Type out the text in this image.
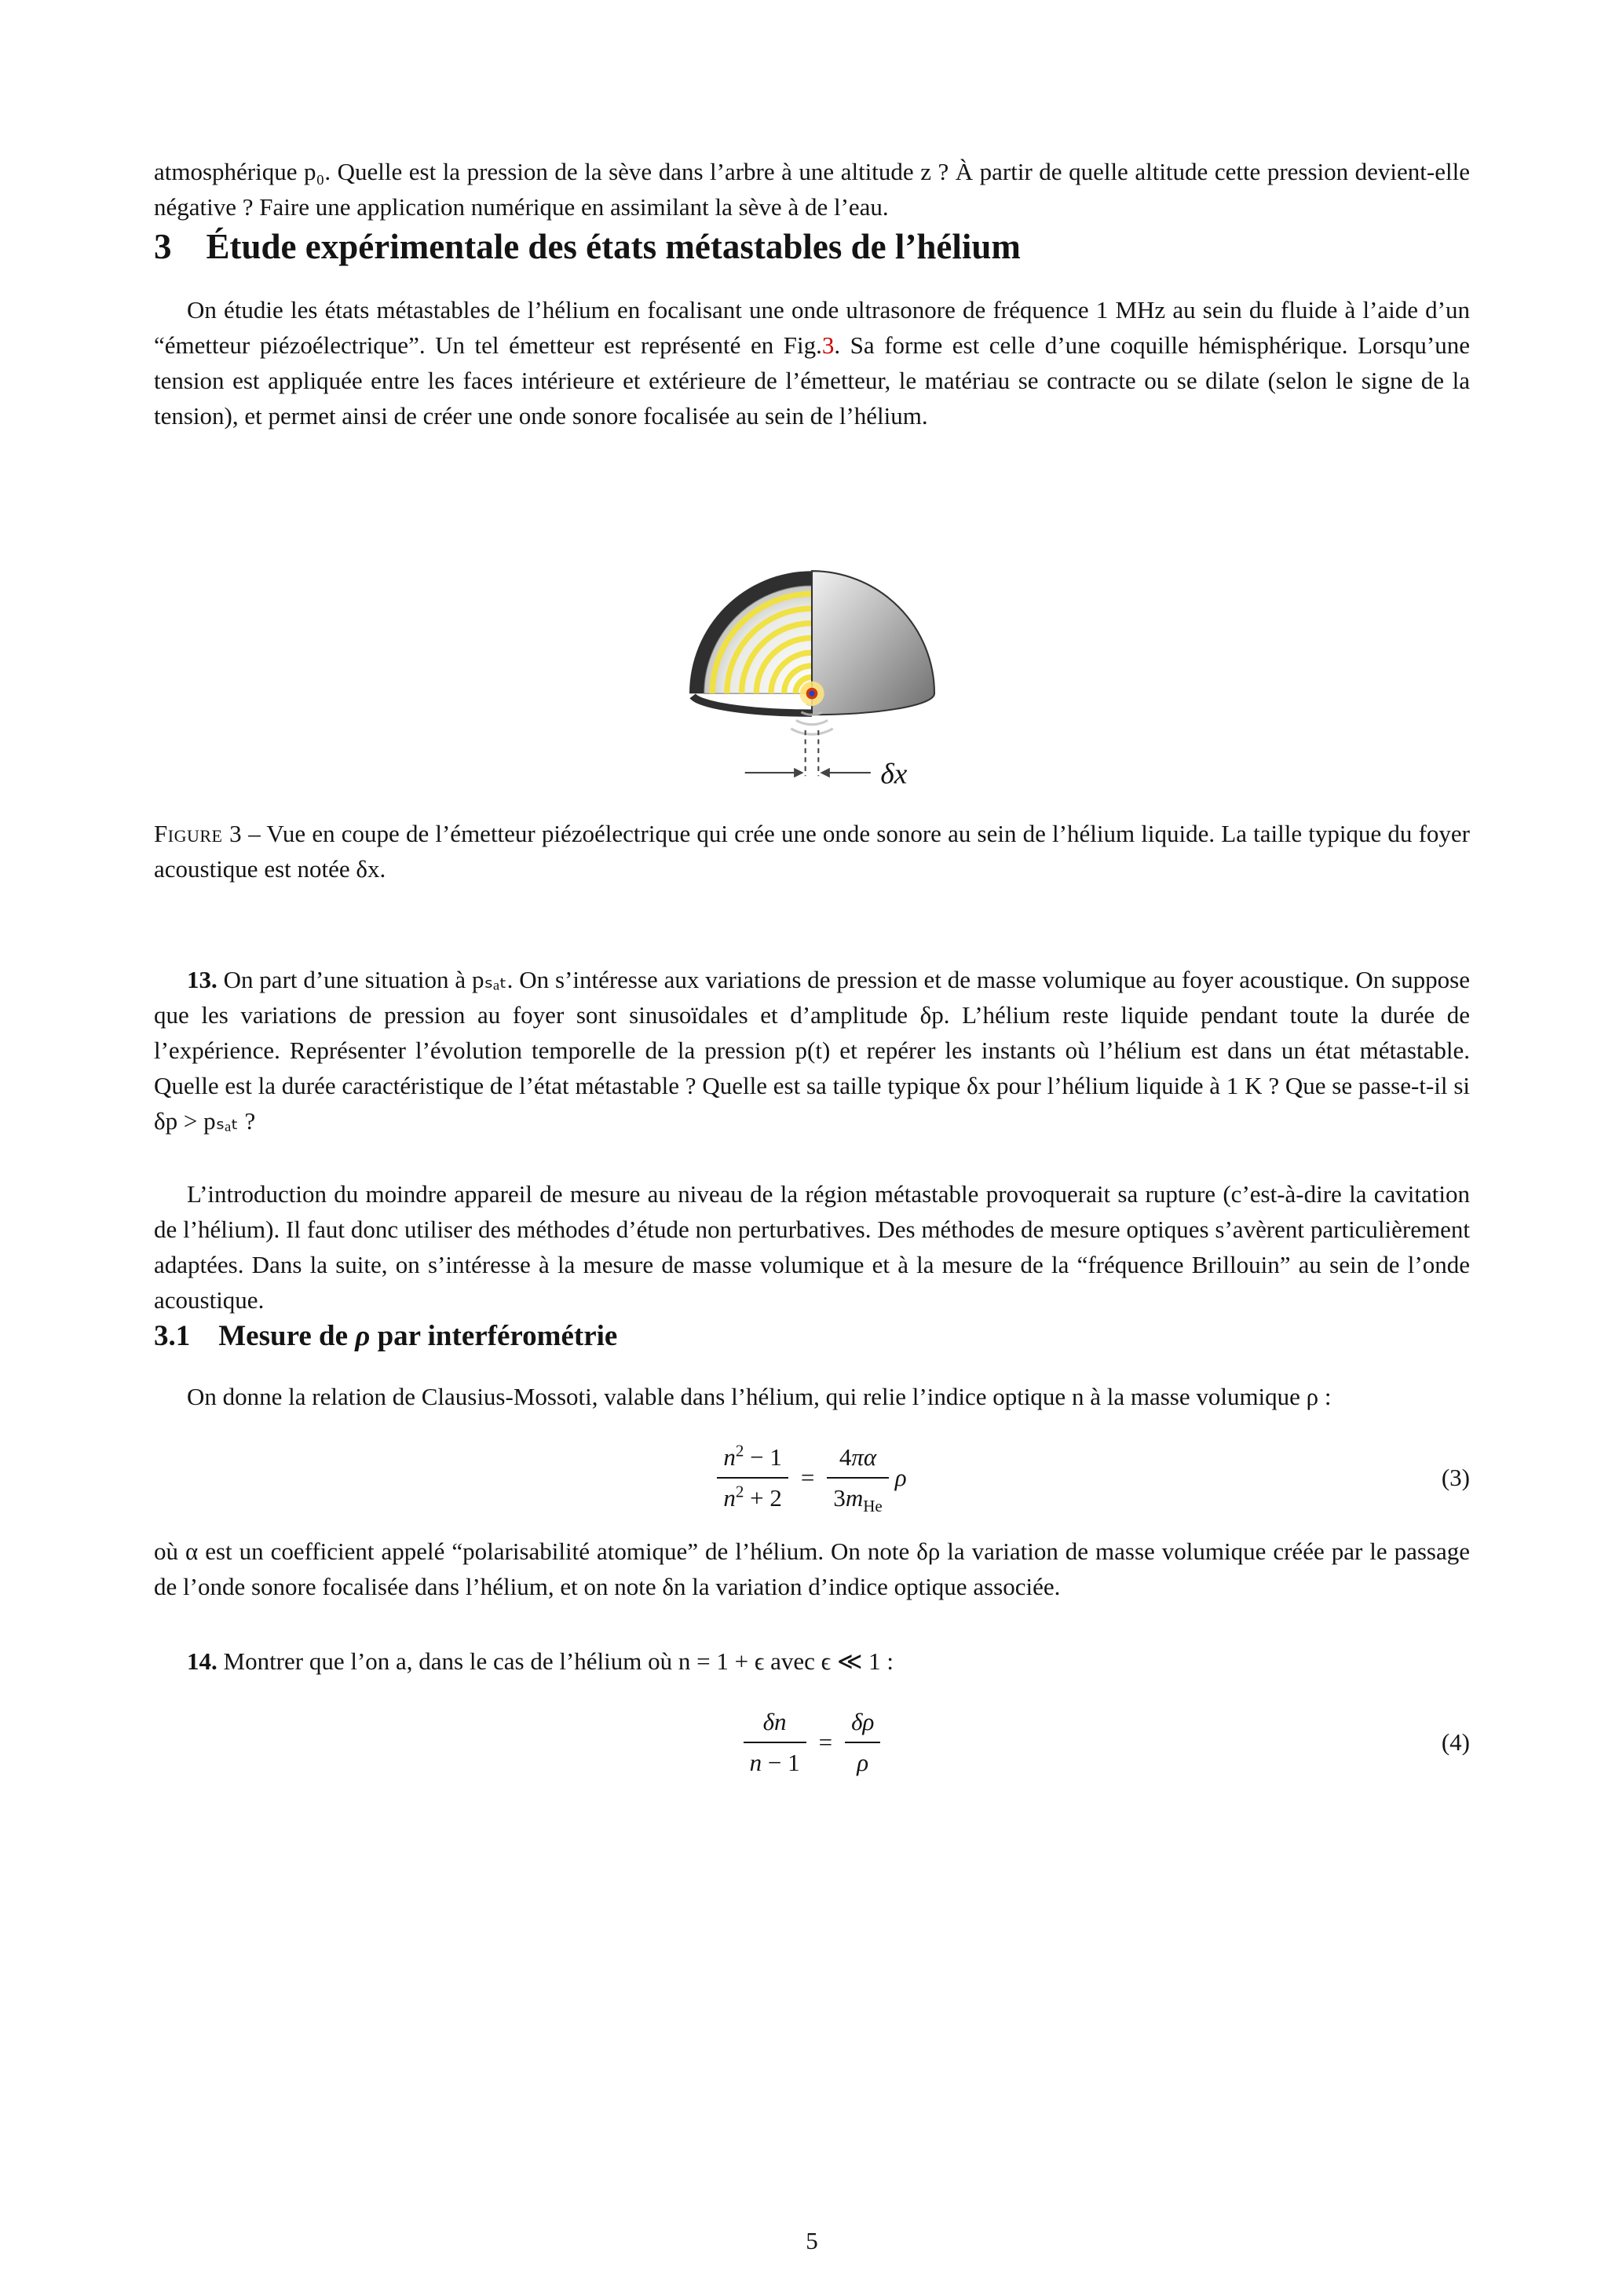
atmosphérique p₀. Quelle est la pression de la sève dans l’arbre à une altitude z ? À partir de quelle altitude cette pression devient-elle négative ? Faire une application numérique en assimilant la sève à de l’eau.

3 Étude expérimentale des états métastables de l’hélium

On étudie les états métastables de l’hélium en focalisant une onde ultrasonore de fréquence 1 MHz au sein du fluide à l’aide d’un “émetteur piézoélectrique”. Un tel émetteur est représenté en Fig.3. Sa forme est celle d’une coquille hémisphérique. Lorsqu’une tension est appliquée entre les faces intérieure et extérieure de l’émetteur, le matériau se contracte ou se dilate (selon le signe de la tension), et permet ainsi de créer une onde sonore focalisée au sein de l’hélium.

δx

Figure 3 – Vue en coupe de l’émetteur piézoélectrique qui crée une onde sonore au sein de l’hélium liquide. La taille typique du foyer acoustique est notée δx.

13. On part d’une situation à pₛₐₜ. On s’intéresse aux variations de pression et de masse volumique au foyer acoustique. On suppose que les variations de pression au foyer sont sinusoïdales et d’amplitude δp. L’hélium reste liquide pendant toute la durée de l’expérience. Représenter l’évolution temporelle de la pression p(t) et repérer les instants où l’hélium est dans un état métastable. Quelle est la durée caractéristique de l’état métastable ? Quelle est sa taille typique δx pour l’hélium liquide à 1 K ? Que se passe-t-il si δp > pₛₐₜ ?

L’introduction du moindre appareil de mesure au niveau de la région métastable provoquerait sa rupture (c’est-à-dire la cavitation de l’hélium). Il faut donc utiliser des méthodes d’étude non perturbatives. Des méthodes de mesure optiques s’avèrent particulièrement adaptées. Dans la suite, on s’intéresse à la mesure de masse volumique et à la mesure de la “fréquence Brillouin” au sein de l’onde acoustique.

3.1 Mesure de ρ par interférométrie

On donne la relation de Clausius-Mossoti, valable dans l’hélium, qui relie l’indice optique n à la masse volumique ρ :

$\frac{n^2 - 1}{n^2 + 2} = \frac{4\pi\alpha}{3m_{He}}$ ρ	(3)

où α est un coefficient appelé “polarisabilité atomique” de l’hélium. On note δρ la variation de masse volumique créée par le passage de l’onde sonore focalisée dans l’hélium, et on note δn la variation d’indice optique associée.

14. Montrer que l’on a, dans le cas de l’hélium où n = 1 + ϵ avec ϵ ≪ 1 :

$\frac{\delta n}{n - 1} = \frac{\delta\rho}{\rho}$	(4)
5
